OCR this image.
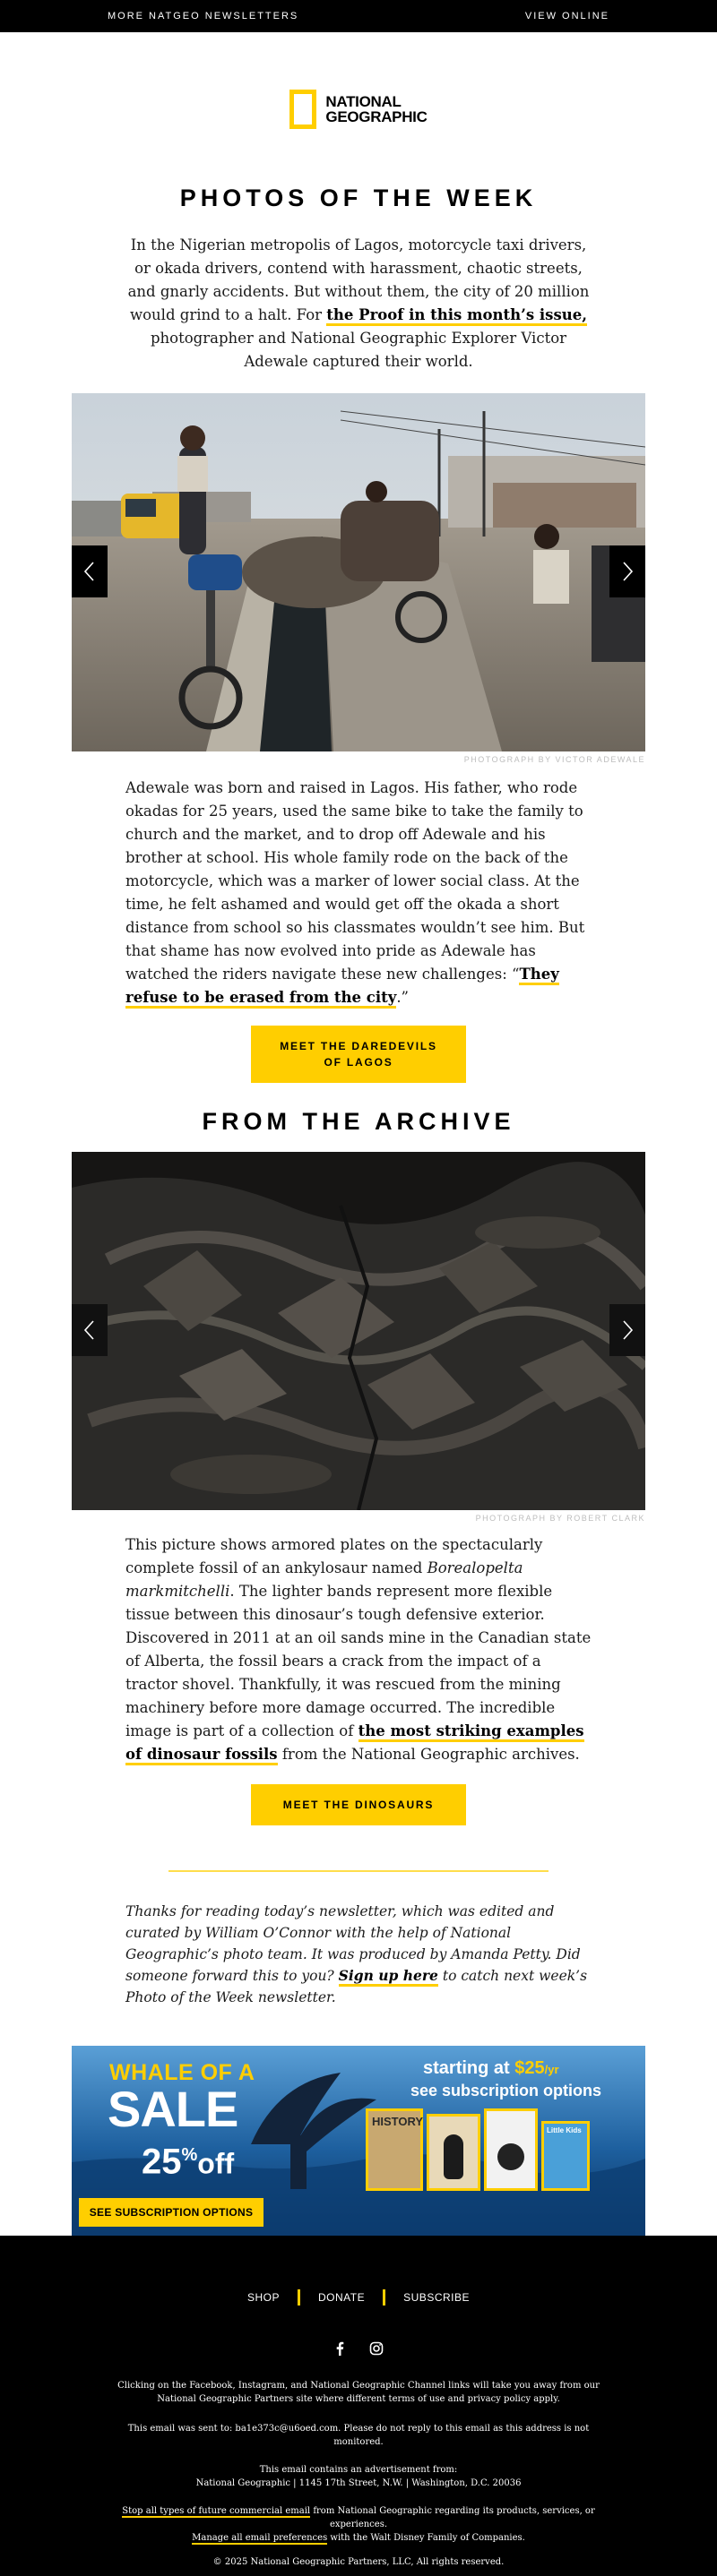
MORE NATGEO NEWSLETTERS	VIEW ONLINE
NATIONAL
GEOGRAPHIC
PHOTOS OF THE WEEK

In the Nigerian metropolis of Lagos, motorcycle taxi drivers, or okada drivers, contend with harassment, chaotic streets, and gnarly accidents. But without them, the city of 20 million would grind to a halt. For the Proof in this month’s issue, photographer and National Geographic Explorer Victor Adewale captured their world.

PHOTOGRAPH BY VICTOR ADEWALE

Adewale was born and raised in Lagos. His father, who rode okadas for 25 years, used the same bike to take the family to church and the market, and to drop off Adewale and his brother at school. His whole family rode on the back of the motorcycle, which was a marker of lower social class. At the time, he felt ashamed and would get off the okada a short distance from school so his classmates wouldn’t see him. But that shame has now evolved into pride as Adewale has watched the riders navigate these new challenges: “They refuse to be erased from the city.”

MEET THE DAREDEVILS
OF LAGOS
FROM THE ARCHIVE
PHOTOGRAPH BY ROBERT CLARK

This picture shows armored plates on the spectacularly complete fossil of an ankylosaur named Borealopelta markmitchelli. The lighter bands represent more flexible tissue between this dinosaur’s tough defensive exterior. Discovered in 2011 at an oil sands mine in the Canadian state of Alberta, the fossil bears a crack from the impact of a tractor shovel. Thankfully, it was rescued from the mining machinery before more damage occurred. The incredible image is part of a collection of the most striking examples of dinosaur fossils from the National Geographic archives.

MEET THE DINOSAURS

Thanks for reading today’s newsletter, which was edited and curated by William O’Connor with the help of National Geographic’s photo team. It was produced by Amanda Petty. Did someone forward this to you? Sign up here to catch next week’s Photo of the Week newsletter.

WHALE OF A
SALE
25%off
starting at $25/yr
see subscription options
HISTORY
Little Kids
SEE SUBSCRIPTION OPTIONS
SHOP	DONATE	SUBSCRIBE

Clicking on the Facebook, Instagram, and National Geographic Channel links will take you away from our National Geographic Partners site where different terms of use and privacy policy apply.

This email was sent to: ba1e373c@u6oed.com. Please do not reply to this email as this address is not monitored.

This email contains an advertisement from:

National Geographic | 1145 17th Street, N.W. | Washington, D.C. 20036

Stop all types of future commercial email from National Geographic regarding its products, services, or experiences.

Manage all email preferences with the Walt Disney Family of Companies.

© 2025 National Geographic Partners, LLC, All rights reserved.
